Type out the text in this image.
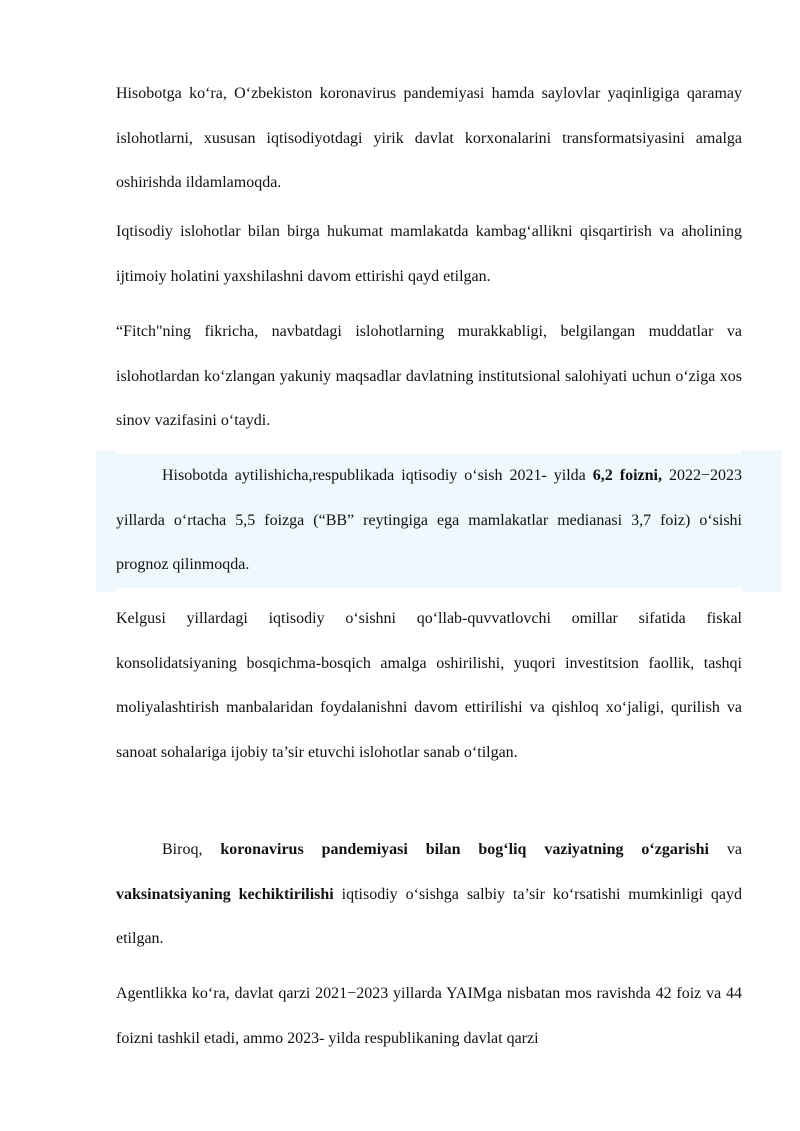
Hisobotga ko‘ra, O‘zbekiston koronavirus pandemiyasi hamda saylovlar yaqinligiga qaramay islohotlarni, xususan iqtisodiyotdagi yirik davlat korxonalarini transformatsiyasini amalga oshirishda ildamlamoqda.

Iqtisodiy islohotlar bilan birga hukumat mamlakatda kambag‘allikni qisqartirish va aholining ijtimoiy holatini yaxshilashni davom ettirishi qayd etilgan.

“Fitch"ning fikricha, navbatdagi islohotlarning murakkabligi, belgilangan muddatlar va islohotlardan ko‘zlangan yakuniy maqsadlar davlatning institutsional salohiyati uchun o‘ziga xos sinov vazifasini o‘taydi.

Hisobotda aytilishicha,respublikada iqtisodiy o‘sish 2021- yilda 6,2 foizni, 2022−2023 yillarda o‘rtacha 5,5 foizga (“BB” reytingiga ega mamlakatlar medianasi 3,7 foiz) o‘sishi prognoz qilinmoqda.

Kelgusi yillardagi iqtisodiy o‘sishni qo‘llab-quvvatlovchi omillar sifatida fiskal konsolidatsiyaning bosqichma-bosqich amalga oshirilishi, yuqori investitsion faollik, tashqi moliyalashtirish manbalaridan foydalanishni davom ettirilishi va qishloq xo‘jaligi, qurilish va sanoat sohalariga ijobiy ta’sir etuvchi islohotlar sanab o‘tilgan.

Biroq, koronavirus pandemiyasi bilan bog‘liq vaziyatning o‘zgarishi va vaksinatsiyaning kechiktirilishi iqtisodiy o‘sishga salbiy ta’sir ko‘rsatishi mumkinligi qayd etilgan.

Agentlikka ko‘ra, davlat qarzi 2021−2023 yillarda YAIMga nisbatan mos ravishda 42 foiz va 44 foizni tashkil etadi, ammo 2023- yilda respublikaning davlat qarzi
